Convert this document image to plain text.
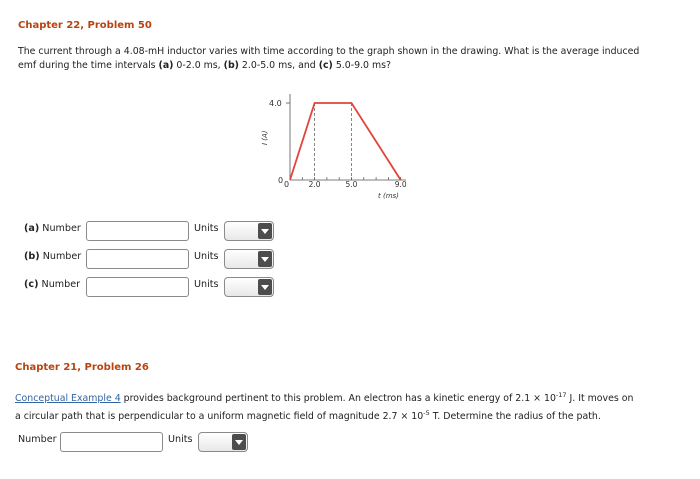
Chapter 22, Problem 50
The current through a 4.08-mH inductor varies with time according to the graph shown in the drawing. What is the average induced
emf during the time intervals (a) 0-2.0 ms, (b) 2.0-5.0 ms, and (c) 5.0-9.0 ms?
4.0
0 0	2.0	5.0	9.0
t (ms)
I (A)
(a) Number	Units
(b) Number	Units
(c) Number	Units
Chapter 21, Problem 26
Conceptual Example 4 provides background pertinent to this problem. An electron has a kinetic energy of $2.1 \times 10^{-17}$ J. It moves on
a circular path that is perpendicular to a uniform magnetic field of magnitude $2.7 \times 10^{-5}$ T. Determine the radius of the path.
Number	Units
